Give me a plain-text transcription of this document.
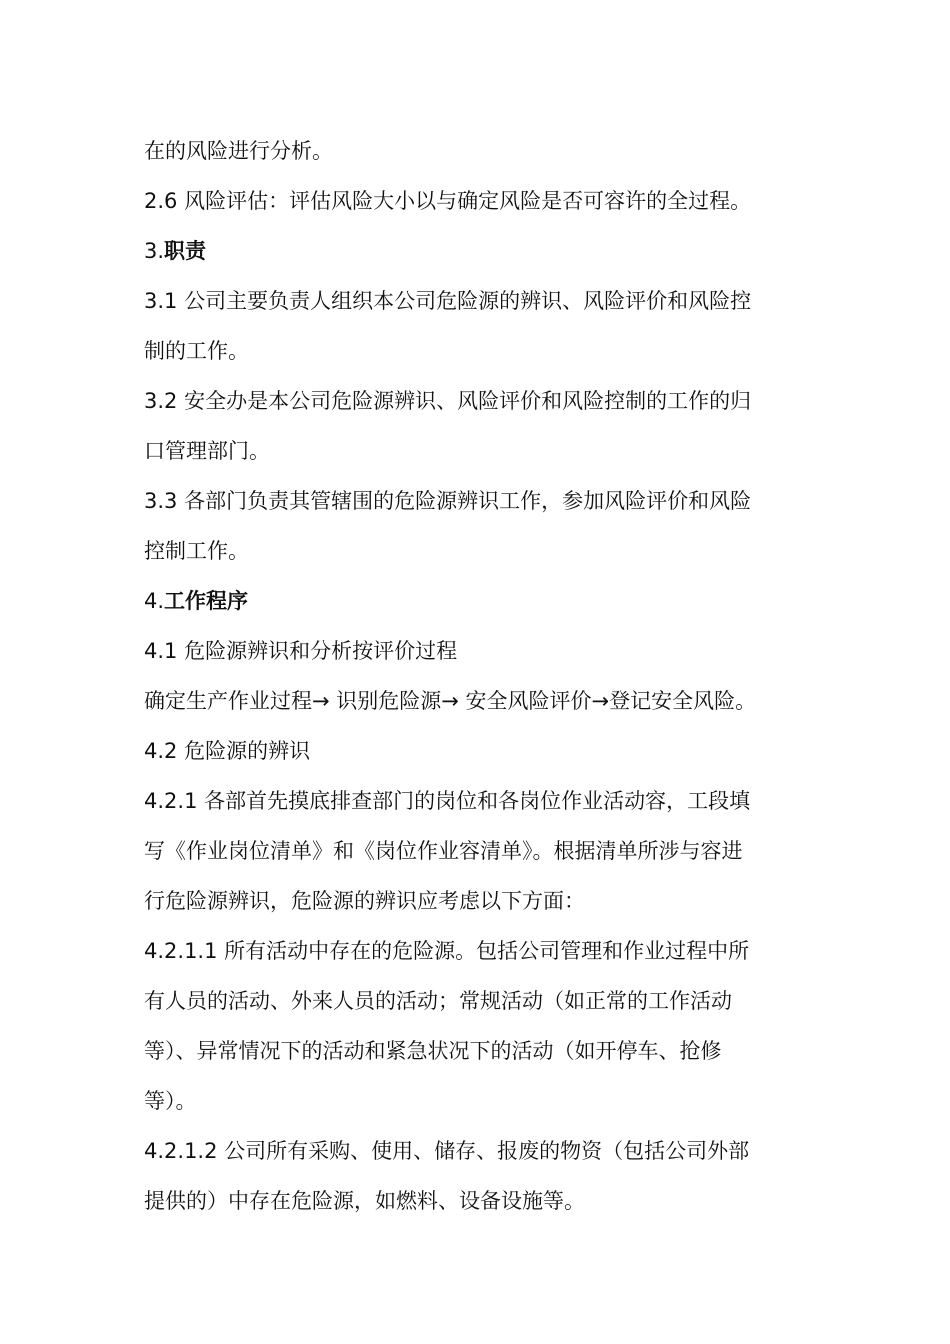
在的风险进行分析。
2.6 风险评估：评估风险大小以与确定风险是否可容许的全过程。
3.职责
3.1 公司主要负责人组织本公司危险源的辨识、风险评价和风险控
制的工作。
3.2 安全办是本公司危险源辨识、风险评价和风险控制的工作的归
口管理部门。
3.3 各部门负责其管辖围的危险源辨识工作，参加风险评价和风险
控制工作。
4.工作程序
4.1 危险源辨识和分析按评价过程
确定生产作业过程→ 识别危险源→ 安全风险评价→登记安全风险。
4.2 危险源的辨识
4.2.1 各部首先摸底排查部门的岗位和各岗位作业活动容，工段填
写《作业岗位清单》和《岗位作业容清单》。根据清单所涉与容进
行危险源辨识，危险源的辨识应考虑以下方面：
4.2.1.1 所有活动中存在的危险源。包括公司管理和作业过程中所
有人员的活动、外来人员的活动；常规活动（如正常的工作活动
等）、异常情况下的活动和紧急状况下的活动（如开停车、抢修
等）。
4.2.1.2 公司所有采购、使用、储存、报废的物资（包括公司外部
提供的）中存在危险源，如燃料、设备设施等。
